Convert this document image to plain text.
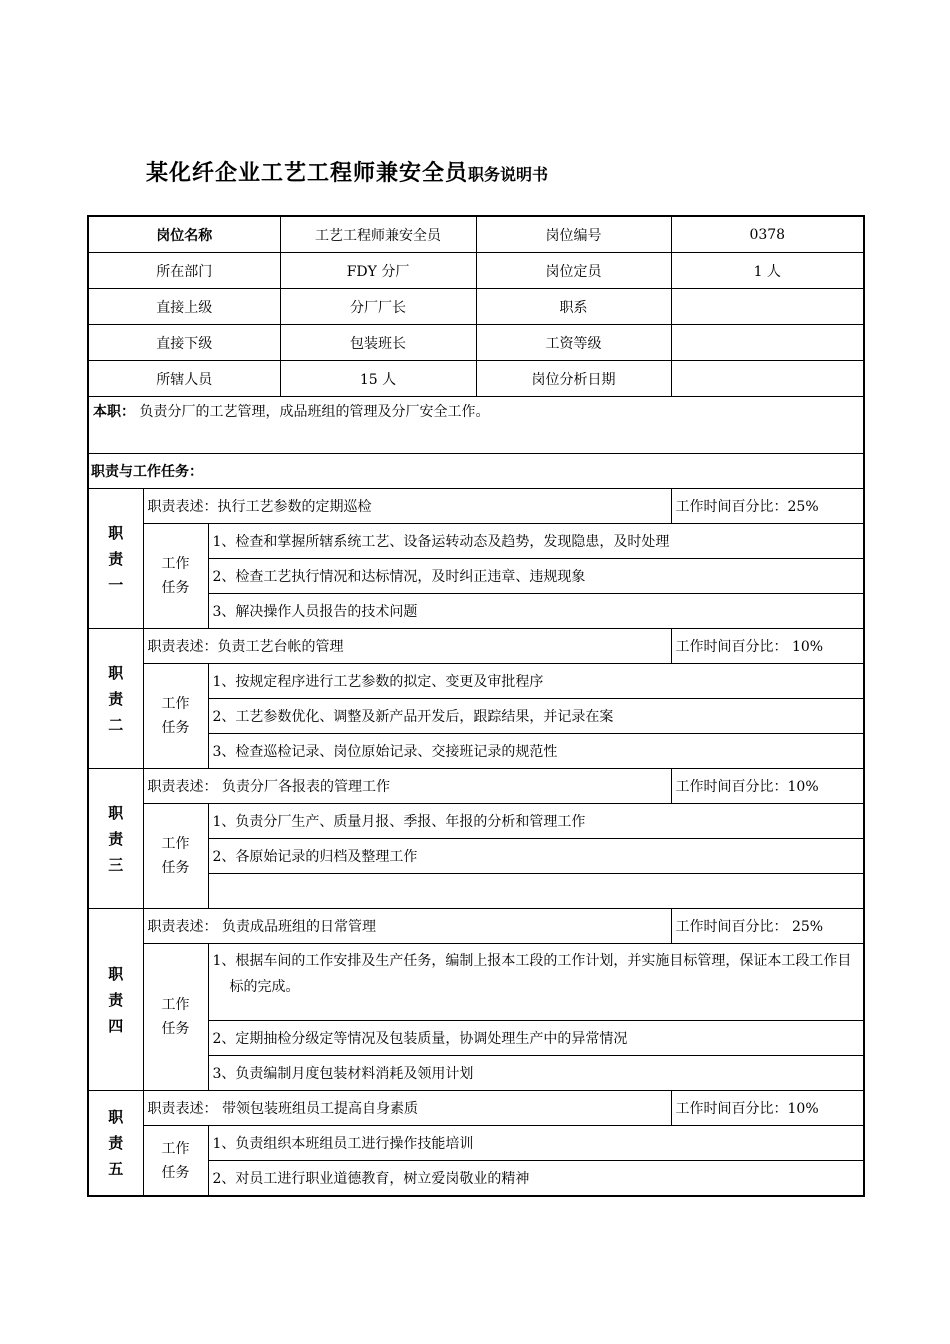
某化纤企业工艺工程师兼安全员职务说明书
岗位名称			工艺工程师兼安全员	岗位编号	0378
所在部门			FDY 分厂	岗位定员	1 人
直接上级			分厂厂长	职系	
直接下级			包装班长	工资等级	
所辖人员			15 人	岗位分析日期	
本职： 负责分厂的工艺管理，成品班组的管理及分厂安全工作。					
职责与工作任务：					

职
责
一	职责表述：执行工艺参数的定期巡检				工作时间百分比：25%

	工作
任务	1、检查和掌握所辖系统工艺、设备运转动态及趋势，发现隐患，及时处理			
		2、检查工艺执行情况和达标情况，及时纠正违章、违规现象			
		3、解决操作人员报告的技术问题			

职
责
二	职责表述：负责工艺台帐的管理				工作时间百分比： 10%

	工作
任务	1、按规定程序进行工艺参数的拟定、变更及审批程序			
		2、工艺参数优化、调整及新产品开发后，跟踪结果，并记录在案			
		3、检查巡检记录、岗位原始记录、交接班记录的规范性			

职
责
三	职责表述： 负责分厂各报表的管理工作				工作时间百分比：10%

	工作
任务	1、负责分厂生产、质量月报、季报、年报的分析和管理工作			
		2、各原始记录的归档及整理工作			

职
责
四	职责表述： 负责成品班组的日常管理				工作时间百分比： 25%

	工作
任务	1、根据车间的工作安排及生产任务，编制上报本工段的工作计划，并实施目标管理，保证本工段工作目标的完成。			

		2、定期抽检分级定等情况及包装质量，协调处理生产中的异常情况			
		3、负责编制月度包装材料消耗及领用计划			

职
责
五	职责表述： 带领包装班组员工提高自身素质				工作时间百分比：10%

	工作
任务	1、负责组织本班组员工进行操作技能培训			
		2、对员工进行职业道德教育，树立爱岗敬业的精神			
